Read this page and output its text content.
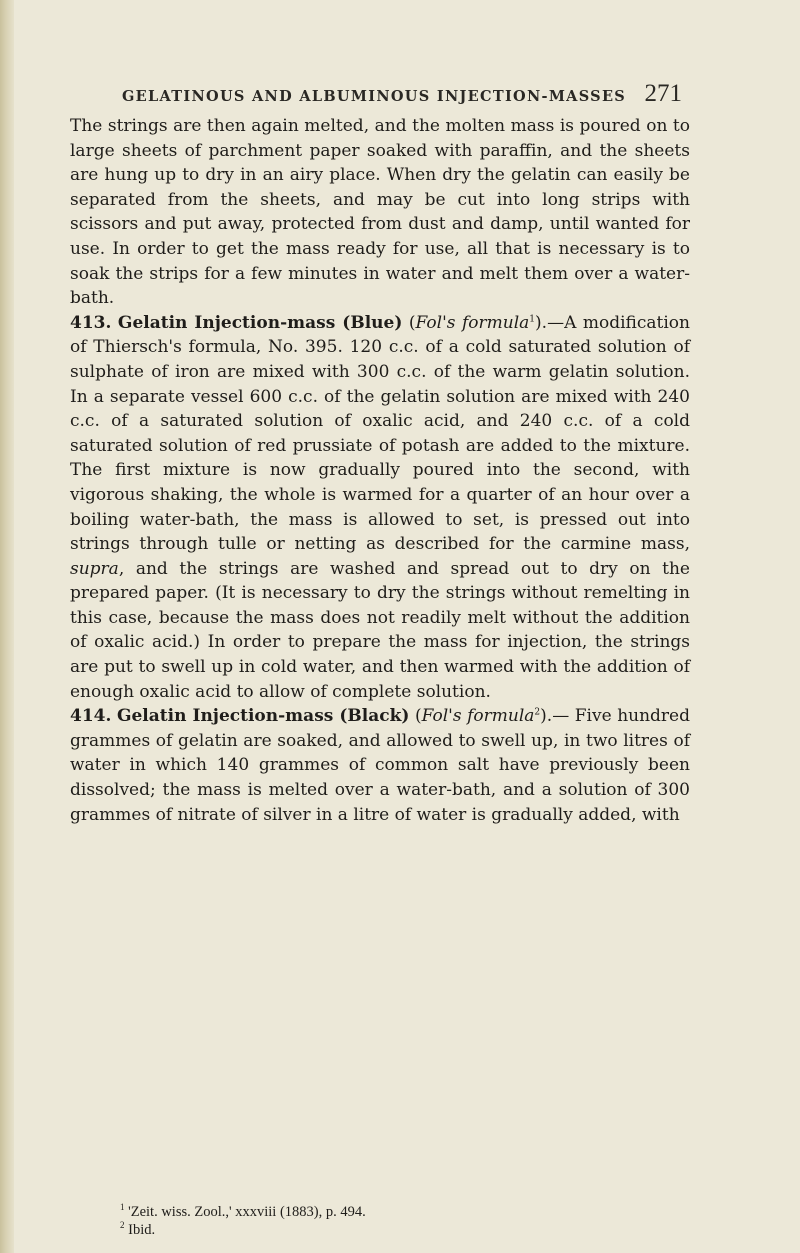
GELATINOUS AND ALBUMINOUS INJECTION-MASSES 271

The strings are then again melted, and the molten mass is poured on to large sheets of parchment paper soaked with paraffin, and the sheets are hung up to dry in an airy place. When dry the gelatin can easily be separated from the sheets, and may be cut into long strips with scissors and put away, protected from dust and damp, until wanted for use. In order to get the mass ready for use, all that is necessary is to soak the strips for a few minutes in water and melt them over a water-bath.

413. Gelatin Injection-mass (Blue) (Fol's formula$^1$).—A modification of Thiersch's formula, No. 395. 120 c.c. of a cold saturated solution of sulphate of iron are mixed with 300 c.c. of the warm gelatin solution. In a separate vessel 600 c.c. of the gelatin solution are mixed with 240 c.c. of a saturated solution of oxalic acid, and 240 c.c. of a cold saturated solution of red prussiate of potash are added to the mixture. The first mixture is now gradually poured into the second, with vigorous shaking, the whole is warmed for a quarter of an hour over a boiling water-bath, the mass is allowed to set, is pressed out into strings through tulle or netting as described for the carmine mass, supra, and the strings are washed and spread out to dry on the prepared paper. (It is necessary to dry the strings without remelting in this case, because the mass does not readily melt without the addition of oxalic acid.) In order to prepare the mass for injection, the strings are put to swell up in cold water, and then warmed with the addition of enough oxalic acid to allow of complete solution.

414. Gelatin Injection-mass (Black) (Fol's formula$^2$).— Five hundred grammes of gelatin are soaked, and allowed to swell up, in two litres of water in which 140 grammes of common salt have previously been dissolved; the mass is melted over a water-bath, and a solution of 300 grammes of nitrate of silver in a litre of water is gradually added, with

$^1$ 'Zeit. wiss. Zool.,' xxxviii (1883), p. 494.
$^2$ Ibid.
